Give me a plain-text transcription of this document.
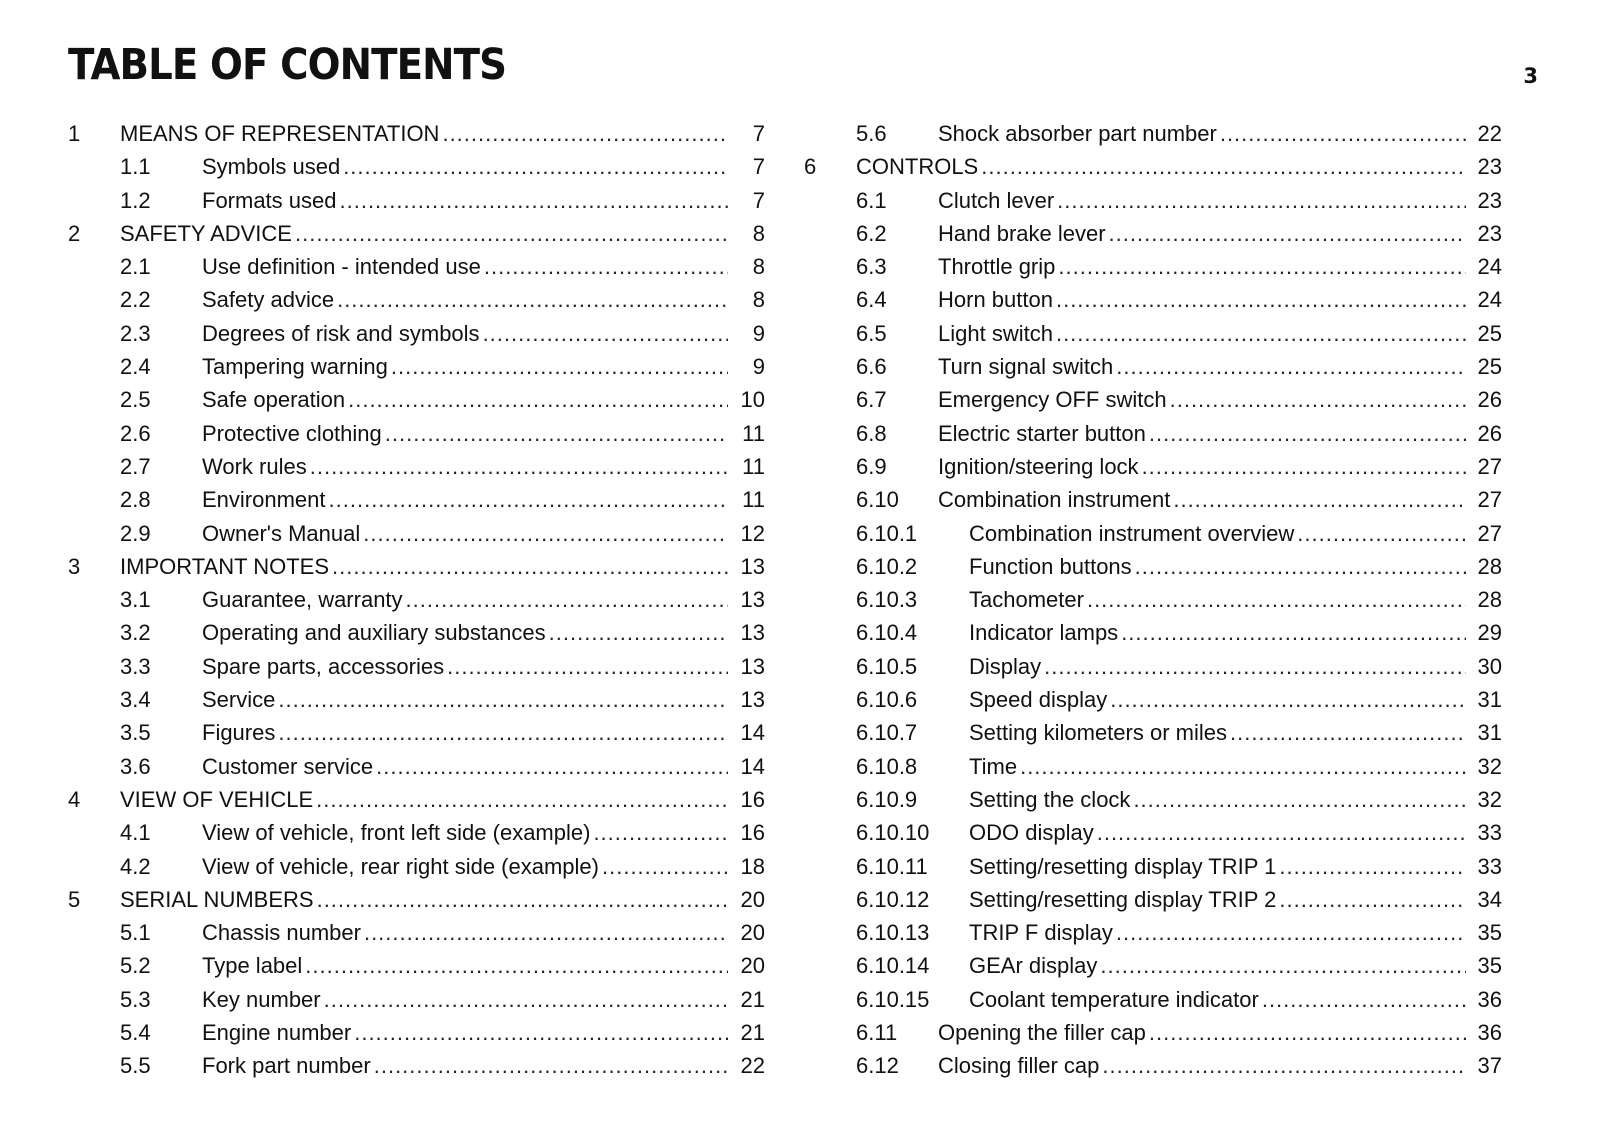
TABLE OF CONTENTS	3
1 MEANS OF REPRESENTATION .....	7
1.1 Symbols used .....	7
1.2 Formats used .....	7
2 SAFETY ADVICE .....	8
2.1 Use definition - intended use .....	8
2.2 Safety advice .....	8
2.3 Degrees of risk and symbols .....	9
2.4 Tampering warning .....	9
2.5 Safe operation .....	10
2.6 Protective clothing .....	11
2.7 Work rules .....	11
2.8 Environment .....	11
2.9 Owner's Manual .....	12
3 IMPORTANT NOTES .....	13
3.1 Guarantee, warranty .....	13
3.2 Operating and auxiliary substances .....	13
3.3 Spare parts, accessories .....	13
3.4 Service .....	13
3.5 Figures .....	14
3.6 Customer service .....	14
4 VIEW OF VEHICLE .....	16
4.1 View of vehicle, front left side (example) .....	16
4.2 View of vehicle, rear right side (example) .....	18
5 SERIAL NUMBERS .....	20
5.1 Chassis number .....	20
5.2 Type label .....	20
5.3 Key number .....	21
5.4 Engine number .....	21
5.5 Fork part number .....	22
5.6 Shock absorber part number .....	22
6 CONTROLS .....	23
6.1 Clutch lever .....	23
6.2 Hand brake lever .....	23
6.3 Throttle grip .....	24
6.4 Horn button .....	24
6.5 Light switch .....	25
6.6 Turn signal switch .....	25
6.7 Emergency OFF switch .....	26
6.8 Electric starter button .....	26
6.9 Ignition/steering lock .....	27
6.10 Combination instrument .....	27
6.10.1 Combination instrument overview .....	27
6.10.2 Function buttons .....	28
6.10.3 Tachometer .....	28
6.10.4 Indicator lamps .....	29
6.10.5 Display .....	30
6.10.6 Speed display .....	31
6.10.7 Setting kilometers or miles .....	31
6.10.8 Time .....	32
6.10.9 Setting the clock .....	32
6.10.10 ODO display .....	33
6.10.11 Setting/resetting display TRIP 1 .....	33
6.10.12 Setting/resetting display TRIP 2 .....	34
6.10.13 TRIP F display .....	35
6.10.14 GEAr display .....	35
6.10.15 Coolant temperature indicator .....	36
6.11 Opening the filler cap .....	36
6.12 Closing filler cap .....	37
